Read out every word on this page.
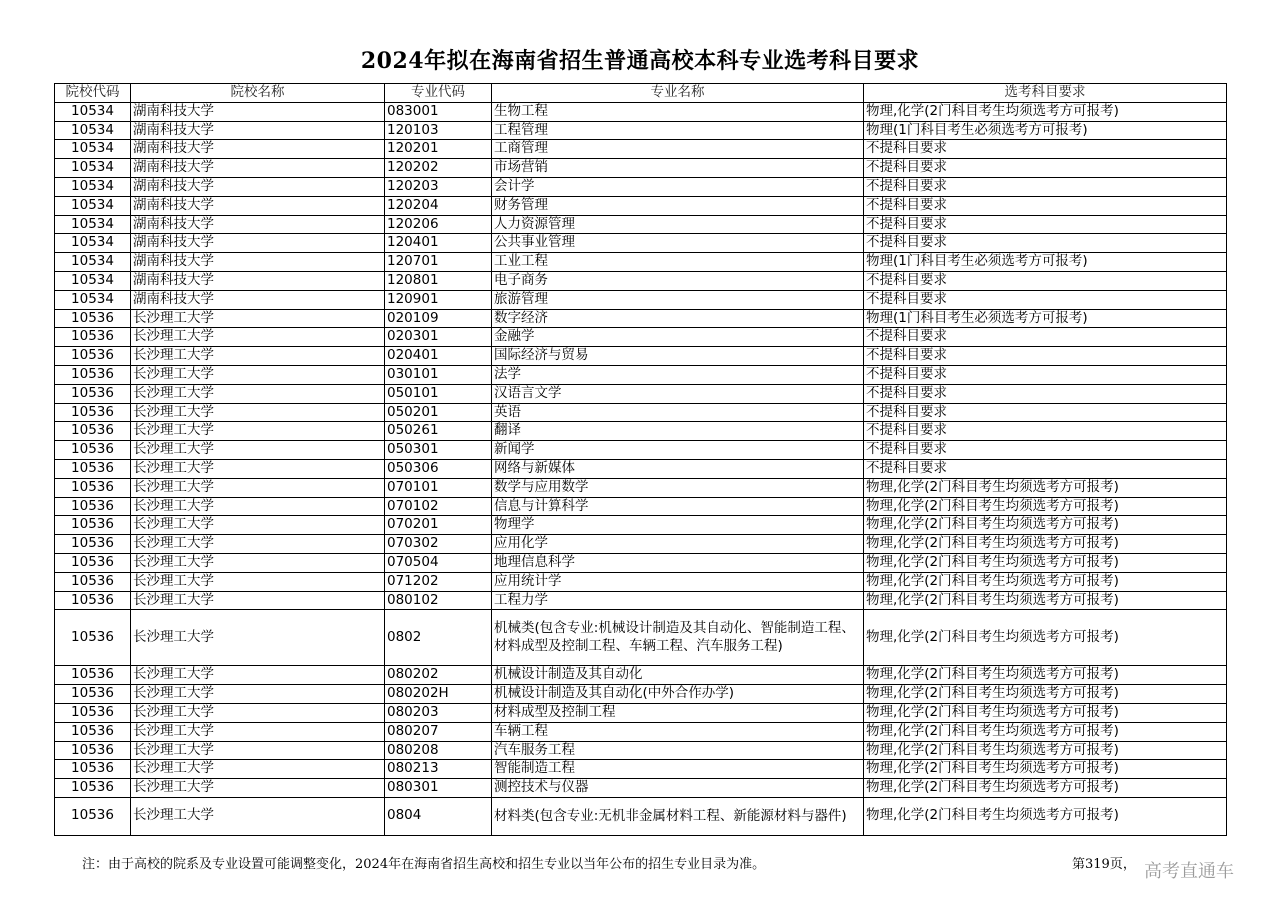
2024年拟在海南省招生普通高校本科专业选考科目要求
院校代码	院校名称	专业代码	专业名称	选考科目要求
10534	湖南科技大学	083001	生物工程	物理,化学(2门科目考生均须选考方可报考)
10534	湖南科技大学	120103	工程管理	物理(1门科目考生必须选考方可报考)
10534	湖南科技大学	120201	工商管理	不提科目要求
10534	湖南科技大学	120202	市场营销	不提科目要求
10534	湖南科技大学	120203	会计学	不提科目要求
10534	湖南科技大学	120204	财务管理	不提科目要求
10534	湖南科技大学	120206	人力资源管理	不提科目要求
10534	湖南科技大学	120401	公共事业管理	不提科目要求
10534	湖南科技大学	120701	工业工程	物理(1门科目考生必须选考方可报考)
10534	湖南科技大学	120801	电子商务	不提科目要求
10534	湖南科技大学	120901	旅游管理	不提科目要求
10536	长沙理工大学	020109	数字经济	物理(1门科目考生必须选考方可报考)
10536	长沙理工大学	020301	金融学	不提科目要求
10536	长沙理工大学	020401	国际经济与贸易	不提科目要求
10536	长沙理工大学	030101	法学	不提科目要求
10536	长沙理工大学	050101	汉语言文学	不提科目要求
10536	长沙理工大学	050201	英语	不提科目要求
10536	长沙理工大学	050261	翻译	不提科目要求
10536	长沙理工大学	050301	新闻学	不提科目要求
10536	长沙理工大学	050306	网络与新媒体	不提科目要求
10536	长沙理工大学	070101	数学与应用数学	物理,化学(2门科目考生均须选考方可报考)
10536	长沙理工大学	070102	信息与计算科学	物理,化学(2门科目考生均须选考方可报考)
10536	长沙理工大学	070201	物理学	物理,化学(2门科目考生均须选考方可报考)
10536	长沙理工大学	070302	应用化学	物理,化学(2门科目考生均须选考方可报考)
10536	长沙理工大学	070504	地理信息科学	物理,化学(2门科目考生均须选考方可报考)
10536	长沙理工大学	071202	应用统计学	物理,化学(2门科目考生均须选考方可报考)
10536	长沙理工大学	080102	工程力学	物理,化学(2门科目考生均须选考方可报考)
10536	长沙理工大学	0802	机械类(包含专业:机械设计制造及其自动化、智能制造工程、材料成型及控制工程、车辆工程、汽车服务工程)	物理,化学(2门科目考生均须选考方可报考)
10536	长沙理工大学	080202	机械设计制造及其自动化	物理,化学(2门科目考生均须选考方可报考)
10536	长沙理工大学	080202H	机械设计制造及其自动化(中外合作办学)	物理,化学(2门科目考生均须选考方可报考)
10536	长沙理工大学	080203	材料成型及控制工程	物理,化学(2门科目考生均须选考方可报考)
10536	长沙理工大学	080207	车辆工程	物理,化学(2门科目考生均须选考方可报考)
10536	长沙理工大学	080208	汽车服务工程	物理,化学(2门科目考生均须选考方可报考)
10536	长沙理工大学	080213	智能制造工程	物理,化学(2门科目考生均须选考方可报考)
10536	长沙理工大学	080301	测控技术与仪器	物理,化学(2门科目考生均须选考方可报考)
10536	长沙理工大学	0804	材料类(包含专业:无机非金属材料工程、新能源材料与器件)	物理,化学(2门科目考生均须选考方可报考)
注：由于高校的院系及专业设置可能调整变化，2024年在海南省招生高校和招生专业以当年公布的招生专业目录为准。	第319页， 高考直通车
